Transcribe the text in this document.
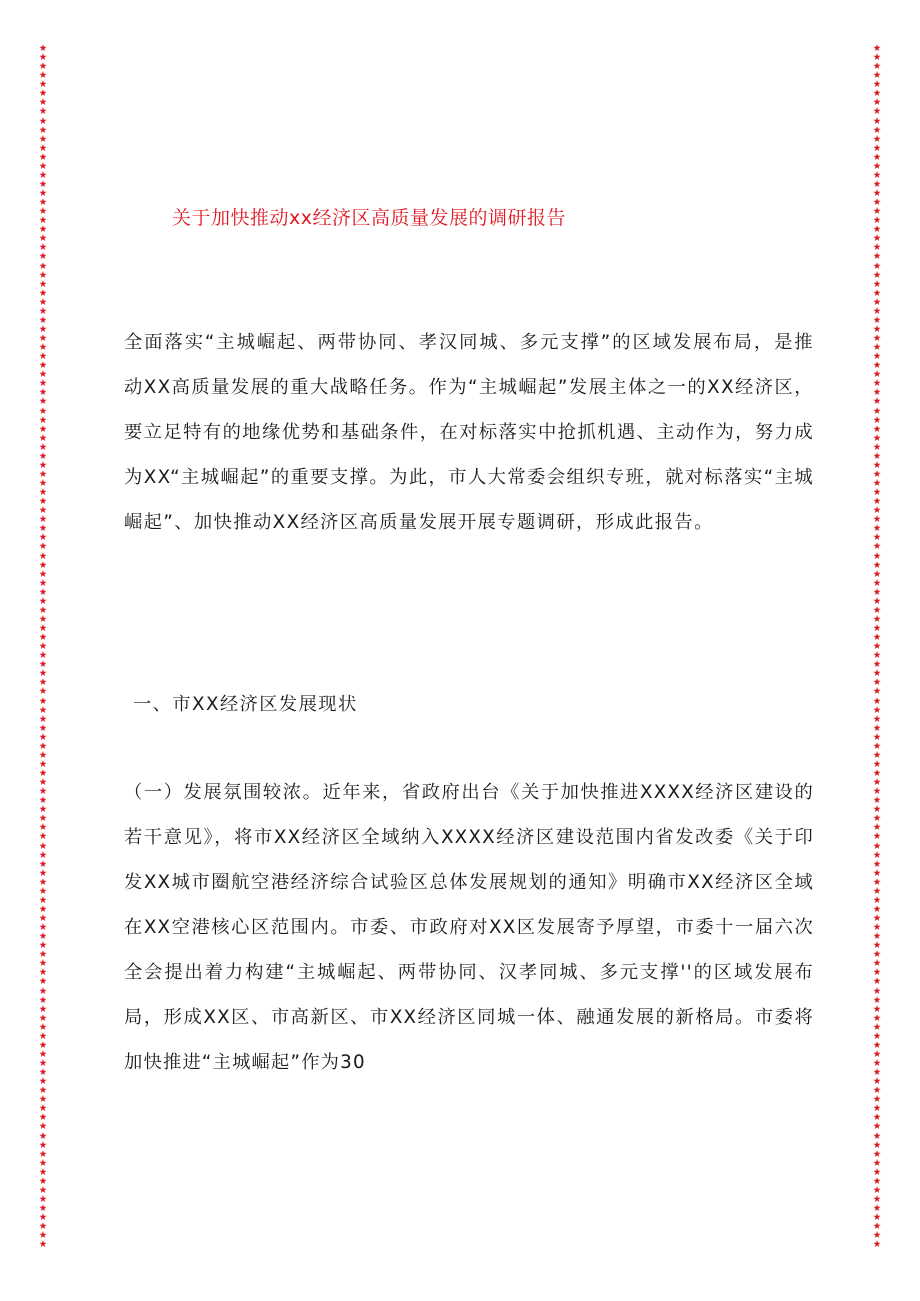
★
★
★
★
★
★
★
★
★
★
★
★
★
★
★
★
★
★
★
★
★
★
★
★
★
★
★
★
★
★
★
★
★
★
★
★
★
★
★
★
★
★
★
★
★
★
★
★
★
★
★
★
★
★
★
★
★
★
★
★
★
★
★
★
★
★
★
★
★
★
★
★
★
★
★
★
★
★
★
★
★
★
★
★
★
★
★
★
★
★
★
★
★
★
★
★
★
★
★
★
★
★
★
★
★
★
★
★
★
★
★
★
★
★
★
★
★
★
★
★
★
★
★
★
★
★
★
★
★
★
★
★
★
★
★
★
★
★
★
★
★
★
★
★
★
★
★
★
★
★
★
★
★
★
★
★
★
★
★
★
★
★
★
★
★
★
★
★
★
★
★
★
★
★
★
★
★
★
★
★
★
★
★
★
★
★
★
★
★
★
★
★
★
★
★
★
★
★
★
★
★
★
★
★
★
★
★
★
★
★
★
★
★
★
★
★
★
★
★
★
★
★
★
★
★
★
★
★
★
★
★
★
★
★
★
★
★
★
★
★
★
★
★
★
★
★
★
★
★
★
★
★
★
★
★
★
★
★
★
★
★
★
★
★
★
★
关于加快推动xx经济区高质量发展的调研报告

全面落实“主城崛起、两带协同、孝汉同城、多元支撑”的区域发展布局，是推动XX高质量发展的重大战略任务。作为“主城崛起”发展主体之一的XX经济区，要立足特有的地缘优势和基础条件，在对标落实中抢抓机遇、主动作为，努力成为XX“主城崛起”的重要支撑。为此，市人大常委会组织专班，就对标落实“主城崛起”、加快推动XX经济区高质量发展开展专题调研，形成此报告。

一、市XX经济区发展现状

（一）发展氛围较浓。近年来，省政府出台《关于加快推进XXXX经济区建设的若干意见》，将市XX经济区全域纳入XXXX经济区建设范围内省发改委《关于印发XX城市圈航空港经济综合试验区总体发展规划的通知》明确市XX经济区全域在XX空港核心区范围内。市委、市政府对XX区发展寄予厚望，市委十一届六次全会提出着力构建“主城崛起、两带协同、汉孝同城、多元支撑''的区域发展布局，形成XX区、市高新区、市XX经济区同城一体、融通发展的新格局。市委将加快推进“主城崛起”作为30
